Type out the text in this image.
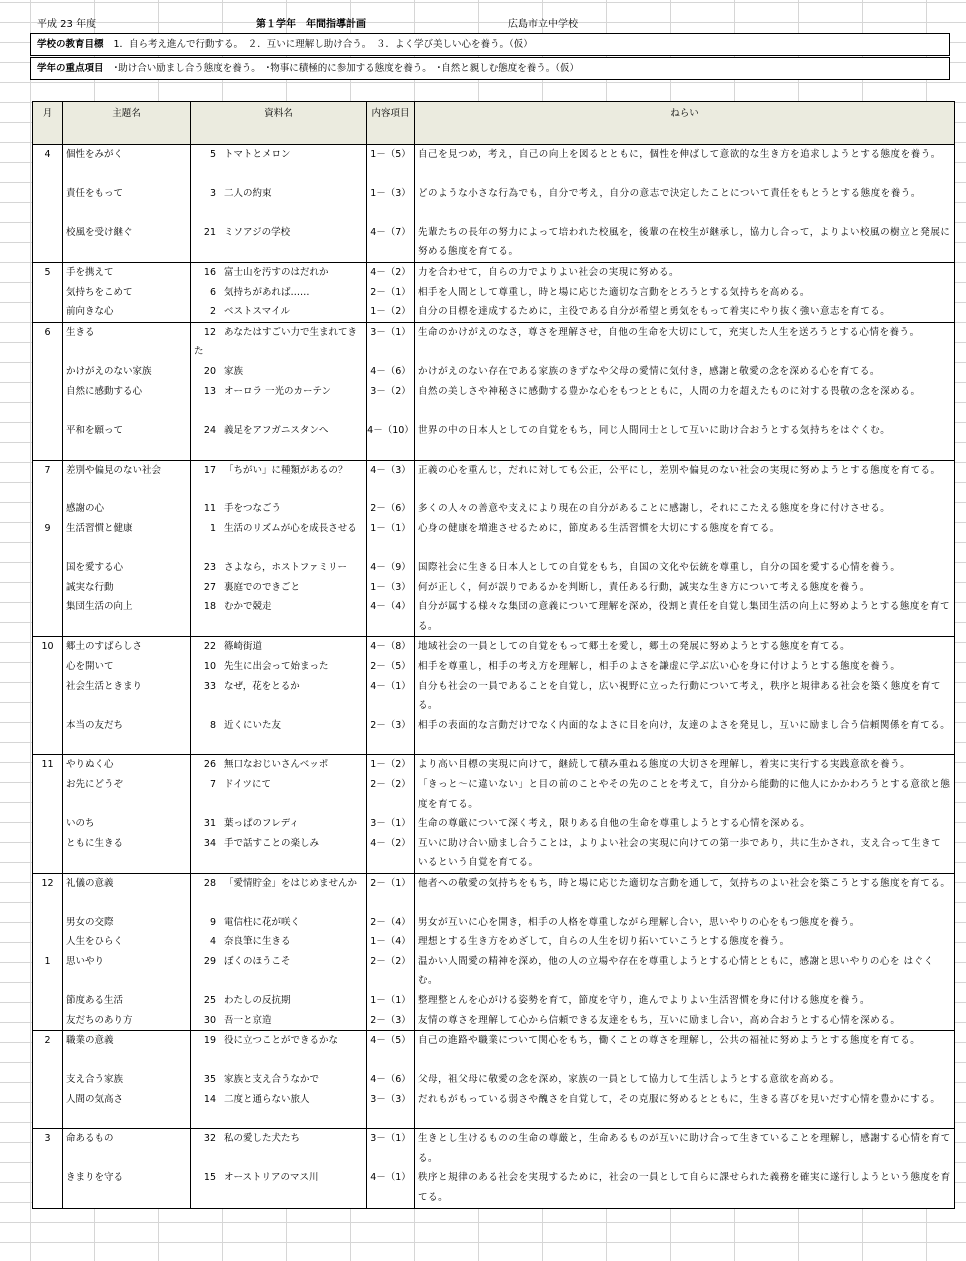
平成 23 年度	第１学年　年間指導計画	広島市立中学校
学校の教育目標 1．自ら考え進んで行動する。　２．互いに理解し助け合う。　３．よく学び美しい心を養う。（仮）
学年の重点項目 ･助け合い励まし合う態度を養う。　･物事に積極的に参加する態度を養う。　･自然と親しむ態度を養う。（仮）
月	主題名	資料名	内容項目	ねらい
4	個性をみがく	5 トマトとメロン	1－（5）	自己を見つめ，考え，自己の向上を図るとともに，個性を伸ばして意欲的な生き方を追求しようとする態度を養う。
	責任をもって	3 二人の約束	1－（3）	どのような小さな行為でも，自分で考え，自分の意志で決定したことについて責任をもとうとする態度を養う。
	校風を受け継ぐ	21 ミソアジの学校	4－（7）	先輩たちの長年の努力によって培われた校風を，後輩の在校生が継承し，協力し合って，よりよい校風の樹立と発展に努める態度を育てる。
5	手を携えて	16 富士山を汚すのはだれか	4－（2）	力を合わせて，自らの力でよりよい社会の実現に努める。
	気持ちをこめて	6 気持ちがあれば……	2－（1）	相手を人間として尊重し，時と場に応じた適切な言動をとろうとする気持ちを高める。
	前向きな心	2 ベストスマイル	1－（2）	自分の目標を達成するために，主役である自分が希望と勇気をもって着実にやり抜く強い意志を育てる。
6	生きる	12 あなたはすごい力で生まれてきた	3－（1）	生命のかけがえのなさ，尊さを理解させ，自他の生命を大切にして，充実した人生を送ろうとする心情を養う。
	かけがえのない家族	20 家族	4－（6）	かけがえのない存在である家族のきずなや父母の愛情に気付き，感謝と敬愛の念を深める心を育てる。
	自然に感動する心	13 オーロラ 一光のカーテン	3－（2）	自然の美しさや神秘さに感動する豊かな心をもつとともに，人間の力を超えたものに対する畏敬の念を深める。
	平和を願って	24 義足をアフガニスタンへ	4－（10）	世界の中の日本人としての自覚をもち，同じ人間同士として互いに助け合おうとする気持ちをはぐくむ。
7	差別や偏見のない社会	17 「ちがい」に種類があるの？	4－（3）	正義の心を重んじ，だれに対しても公正，公平にし，差別や偏見のない社会の実現に努めようとする態度を育てる。
	感謝の心	11 手をつなごう	2－（6）	多くの人々の善意や支えにより現在の自分があることに感謝し，それにこたえる態度を身に付けさせる。
9	生活習慣と健康	1 生活のリズムが心を成長させる	1－（1）	心身の健康を増進させるために，節度ある生活習慣を大切にする態度を育てる。
	国を愛する心	23 さよなら，ホストファミリー	4－（9）	国際社会に生きる日本人としての自覚をもち，自国の文化や伝統を尊重し，自分の国を愛する心情を養う。
	誠実な行動	27 裏庭でのできごと	1－（3）	何が正しく，何が誤りであるかを判断し，責任ある行動，誠実な生き方について考える態度を養う。
	集団生活の向上	18 むかで競走	4－（4）	自分が属する様々な集団の意義について理解を深め，役割と責任を自覚し集団生活の向上に努めようとする態度を育てる。
10	郷土のすばらしさ	22 篠崎街道	4－（8）	地域社会の一員としての自覚をもって郷土を愛し，郷土の発展に努めようとする態度を育てる。
	心を開いて	10 先生に出会って始まった	2－（5）	相手を尊重し，相手の考え方を理解し，相手のよさを謙虚に学ぶ広い心を身に付けようとする態度を養う。
	社会生活ときまり	33 なぜ，花をとるか	4－（1）	自分も社会の一員であることを自覚し，広い視野に立った行動について考え，秩序と規律ある社会を築く態度を育てる。
	本当の友だち	8 近くにいた友	2－（3）	相手の表面的な言動だけでなく内面的なよさに目を向け，友達のよさを発見し，互いに励まし合う信頼関係を育てる。
11	やりぬく心	26 無口なおじいさんベッポ	1－（2）	より高い目標の実現に向けて，継続して積み重ねる態度の大切さを理解し，着実に実行する実践意欲を養う。
	お先にどうぞ	7 ドイツにて	2－（2）	「きっと～に違いない」と目の前のことやその先のことを考えて，自分から能動的に他人にかかわろうとする意欲と態度を育てる。
	いのち	31 葉っぱのフレディ	3－（1）	生命の尊厳について深く考え，限りある自他の生命を尊重しようとする心情を深める。
	ともに生きる	34 手で話すことの楽しみ	4－（2）	互いに助け合い励まし合うことは，よりよい社会の実現に向けての第一歩であり，共に生かされ，支え合って生きているという自覚を育てる。
12	礼儀の意義	28 「愛情貯金」をはじめませんか	2－（1）	他者への敬愛の気持ちをもち，時と場に応じた適切な言動を通して，気持ちのよい社会を築こうとする態度を育てる。
	男女の交際	9 電信柱に花が咲く	2－（4）	男女が互いに心を開き，相手の人格を尊重しながら理解し合い，思いやりの心をもつ態度を養う。
	人生をひらく	4 奈良筆に生きる	1－（4）	理想とする生き方をめざして，自らの人生を切り拓いていこうとする態度を養う。
1	思いやり	29 ぼくのほうこそ	2－（2）	温かい人間愛の精神を深め，他の人の立場や存在を尊重しようとする心情とともに，感謝と思いやりの心を はぐくむ。
	節度ある生活	25 わたしの反抗期	1－（1）	整理整とんを心がける姿勢を育て，節度を守り，進んでよりよい生活習慣を身に付ける態度を養う。
	友だちのあり方	30 吾一と京造	2－（3）	友情の尊さを理解して心から信頼できる友達をもち，互いに励まし合い，高め合おうとする心情を深める。
2	職業の意義	19 役に立つことができるかな	4－（5）	自己の進路や職業について関心をもち，働くことの尊さを理解し，公共の福祉に努めようとする態度を育てる。
	支え合う家族	35 家族と支え合うなかで	4－（6）	父母，祖父母に敬愛の念を深め，家族の一員として協力して生活しようとする意欲を高める。
	人間の気高さ	14 二度と通らない旅人	3－（3）	だれもがもっている弱さや醜さを自覚して，その克服に努めるとともに，生きる喜びを見いだす心情を豊かにする。
3	命あるもの	32 私の愛した犬たち	3－（1）	生きとし生けるものの生命の尊厳と，生命あるものが互いに助け合って生きていることを理解し，感謝する心情を育てる。
	きまりを守る	15 オーストリアのマス川	4－（1）	秩序と規律のある社会を実現するために，社会の一員として自らに課せられた義務を確実に遂行しようという態度を育てる。
